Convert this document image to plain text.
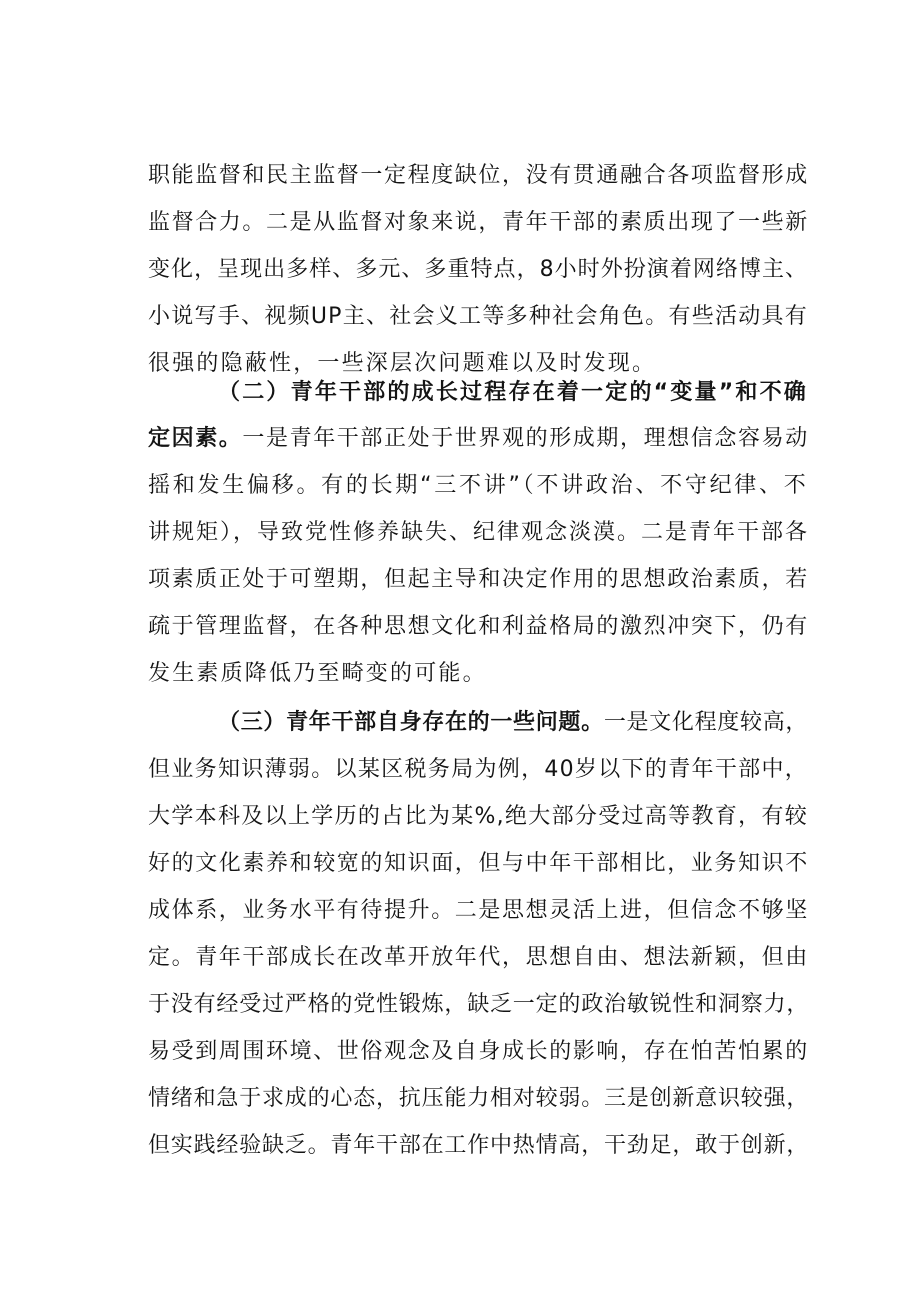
职能监督和民主监督一定程度缺位，没有贯通融合各项监督形成
监督合力。二是从监督对象来说，青年干部的素质出现了一些新
变化，呈现出多样、多元、多重特点，8小时外扮演着网络博主、
小说写手、视频UP主、社会义工等多种社会角色。有些活动具有
很强的隐蔽性，一些深层次问题难以及时发现。
（二）青年干部的成长过程存在着一定的“变量”和不确
定因素。一是青年干部正处于世界观的形成期，理想信念容易动
摇和发生偏移。有的长期“三不讲”（不讲政治、不守纪律、不
讲规矩），导致党性修养缺失、纪律观念淡漠。二是青年干部各
项素质正处于可塑期，但起主导和决定作用的思想政治素质，若
疏于管理监督，在各种思想文化和利益格局的激烈冲突下，仍有
发生素质降低乃至畸变的可能。
（三）青年干部自身存在的一些问题。一是文化程度较高，
但业务知识薄弱。以某区税务局为例，40岁以下的青年干部中，
大学本科及以上学历的占比为某%,绝大部分受过高等教育，有较
好的文化素养和较宽的知识面，但与中年干部相比，业务知识不
成体系，业务水平有待提升。二是思想灵活上进，但信念不够坚
定。青年干部成长在改革开放年代，思想自由、想法新颖，但由
于没有经受过严格的党性锻炼，缺乏一定的政治敏锐性和洞察力，
易受到周围环境、世俗观念及自身成长的影响，存在怕苦怕累的
情绪和急于求成的心态，抗压能力相对较弱。三是创新意识较强，
但实践经验缺乏。青年干部在工作中热情高，干劲足，敢于创新，
